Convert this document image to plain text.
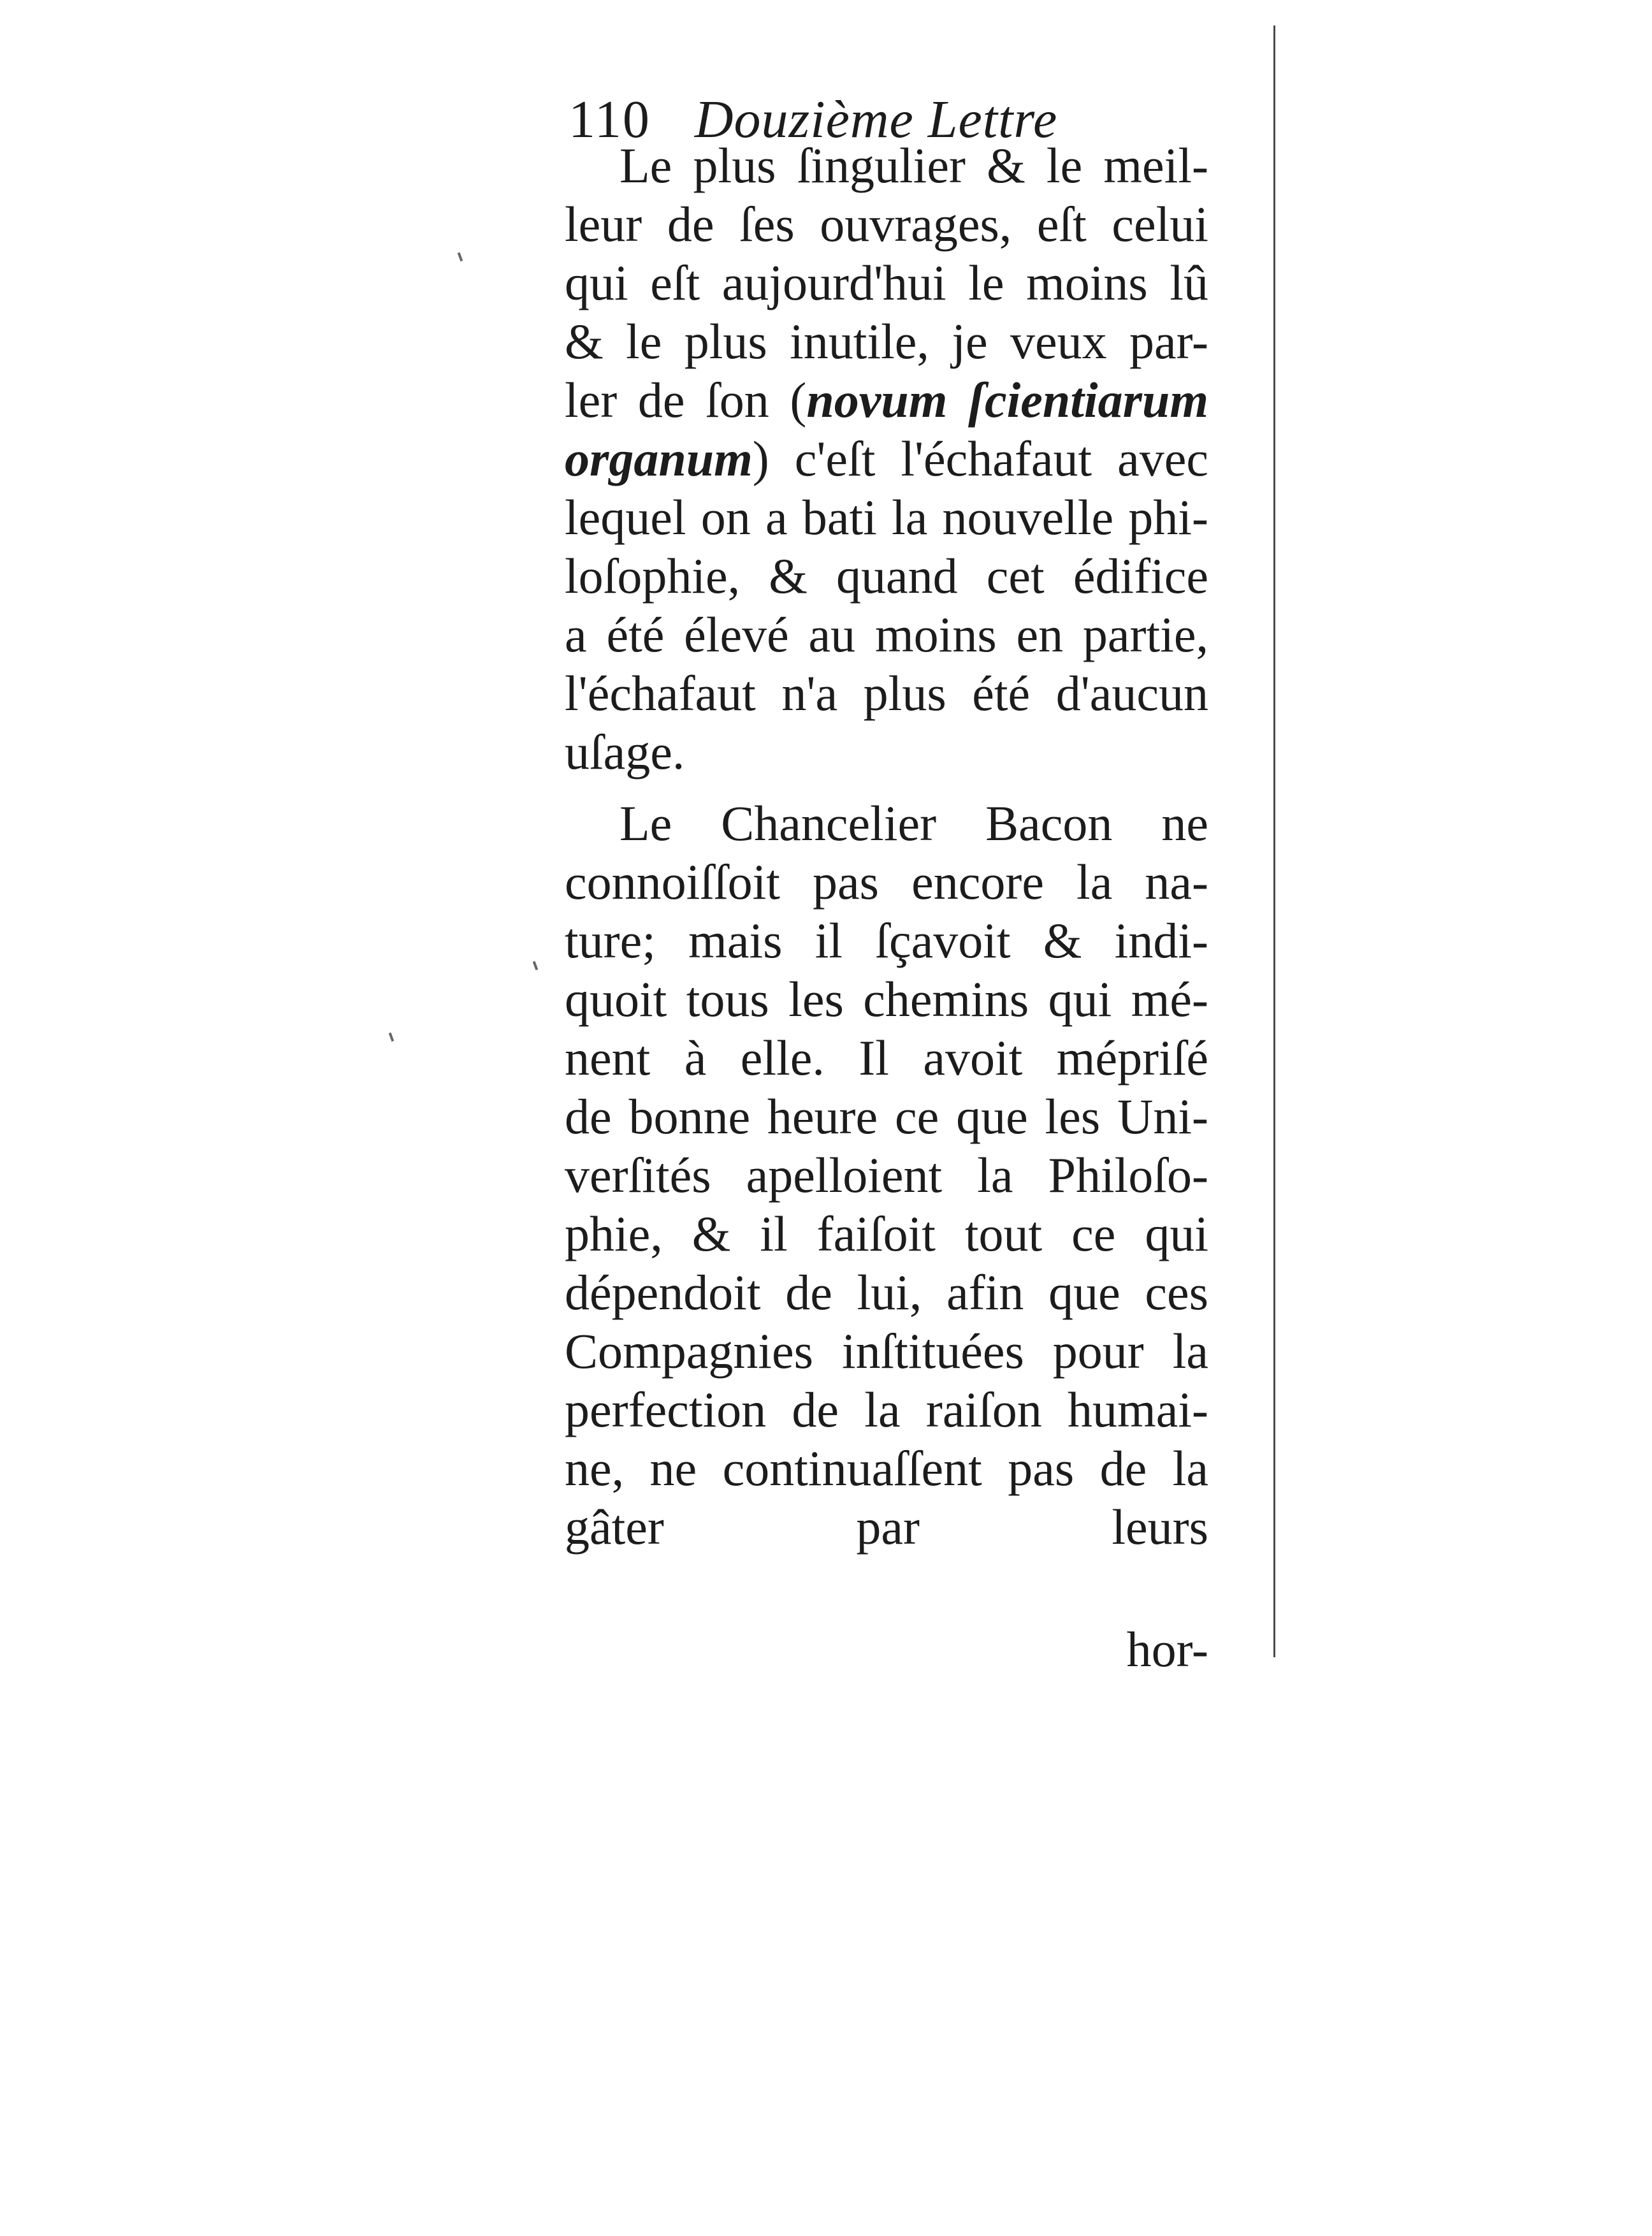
110 Douzième Lettre
Le plus ſingulier & le meil-
leur de ſes ouvrages, eſt celui
qui eſt aujourd'hui le moins lû
& le plus inutile, je veux par-
ler de ſon (novum ſcientiarum
organum) c'eſt l'échafaut avec
lequel on a bati la nouvelle phi-
loſophie, & quand cet édifice
a été élevé au moins en partie,
l'échafaut n'a plus été d'aucun
uſage.
Le Chancelier Bacon ne
connoiſſoit pas encore la na-
ture; mais il ſçavoit & indi-
quoit tous les chemins qui mé-
nent à elle. Il avoit mépriſé
de bonne heure ce que les Uni-
verſités apelloient la Philoſo-
phie, & il faiſoit tout ce qui
dépendoit de lui, afin que ces
Compagnies inſtituées pour la
perfection de la raiſon humai-
ne, ne continuaſſent pas de la
gâter par leurs
hor-
